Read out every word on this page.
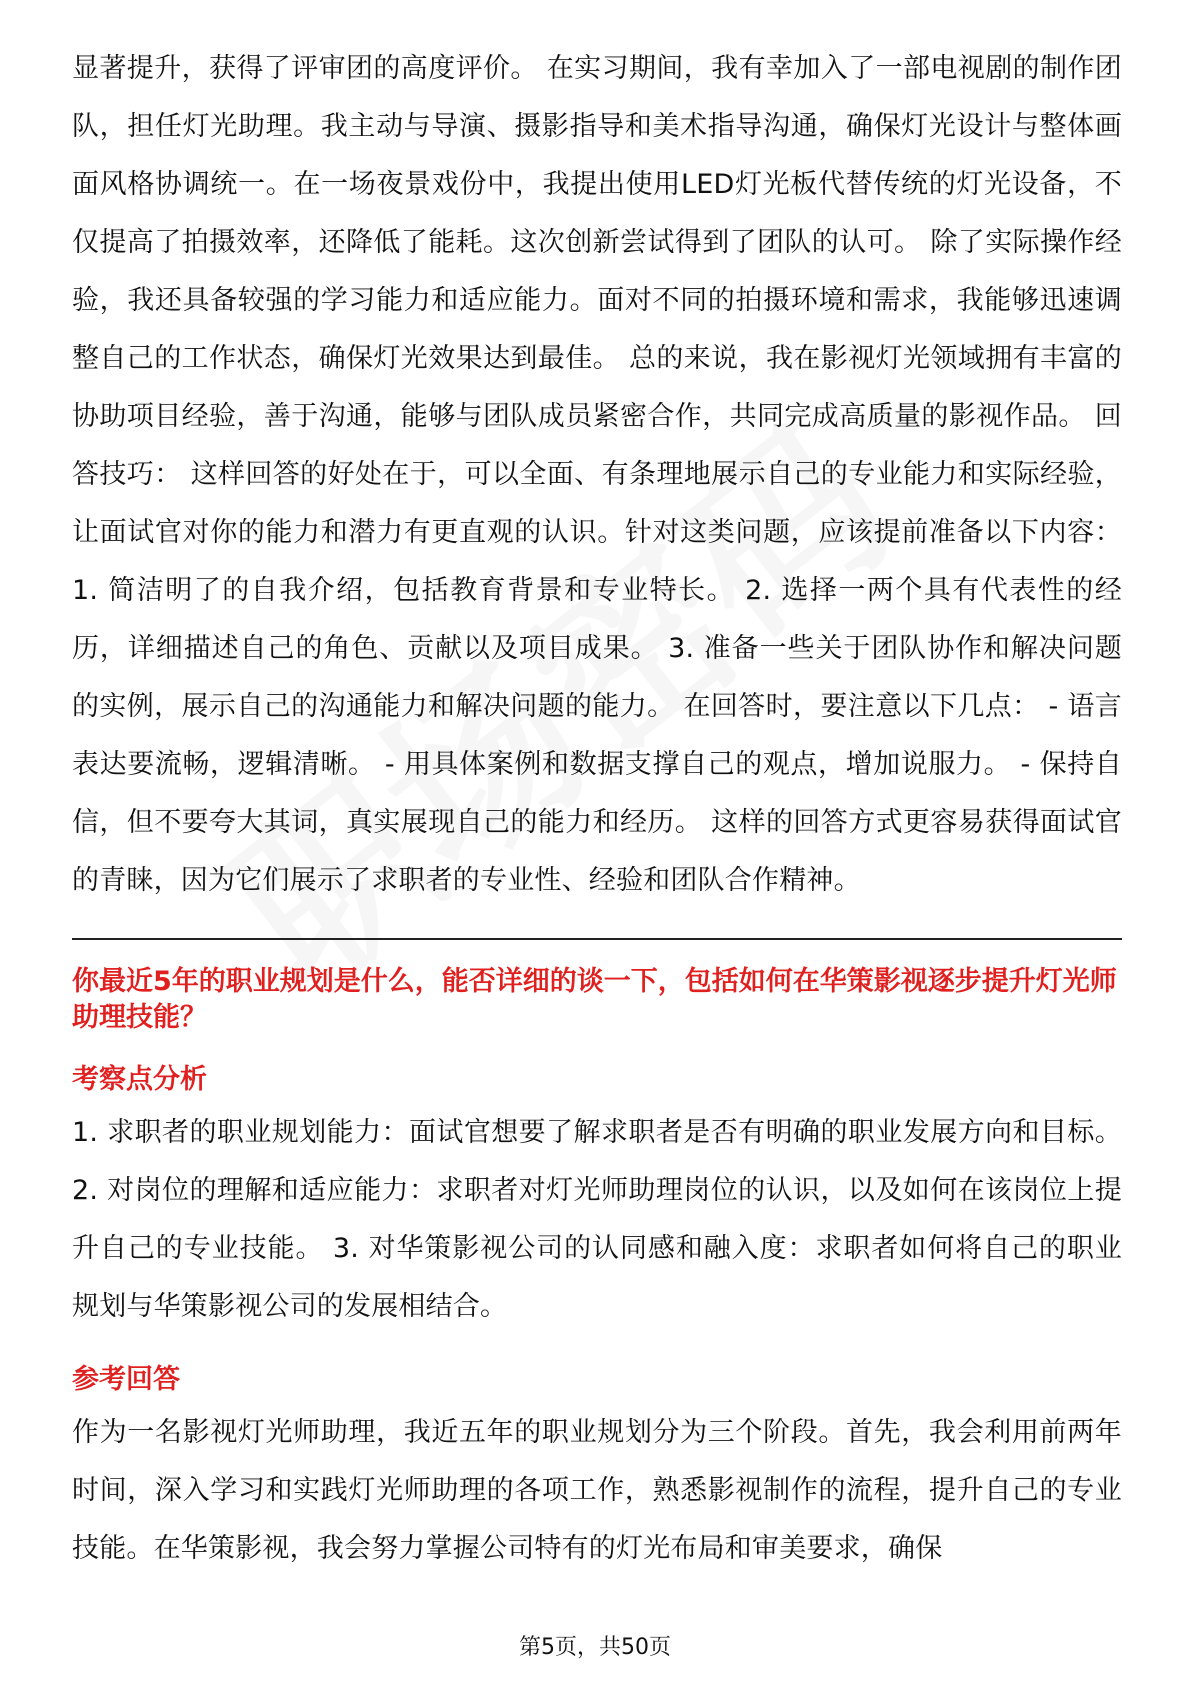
显著提升，获得了评审团的高度评价。 在实习期间，我有幸加入了一部电视剧的制作团队，担任灯光助理。我主动与导演、摄影指导和美术指导沟通，确保灯光设计与整体画面风格协调统一。在一场夜景戏份中，我提出使用LED灯光板代替传统的灯光设备，不仅提高了拍摄效率，还降低了能耗。这次创新尝试得到了团队的认可。 除了实际操作经验，我还具备较强的学习能力和适应能力。面对不同的拍摄环境和需求，我能够迅速调整自己的工作状态，确保灯光效果达到最佳。 总的来说，我在影视灯光领域拥有丰富的协助项目经验，善于沟通，能够与团队成员紧密合作，共同完成高质量的影视作品。 回答技巧： 这样回答的好处在于，可以全面、有条理地展示自己的专业能力和实际经验，让面试官对你的能力和潜力有更直观的认识。针对这类问题，应该提前准备以下内容： 1. 简洁明了的自我介绍，包括教育背景和专业特长。 2. 选择一两个具有代表性的经历，详细描述自己的角色、贡献以及项目成果。 3. 准备一些关于团队协作和解决问题的实例，展示自己的沟通能力和解决问题的能力。 在回答时，要注意以下几点： - 语言表达要流畅，逻辑清晰。 - 用具体案例和数据支撑自己的观点，增加说服力。 - 保持自信，但不要夸大其词，真实展现自己的能力和经历。 这样的回答方式更容易获得面试官的青睐，因为它们展示了求职者的专业性、经验和团队合作精神。

你最近5年的职业规划是什么，能否详细的谈一下，包括如何在华策影视逐步提升灯光师助理技能？
考察点分析

1. 求职者的职业规划能力：面试官想要了解求职者是否有明确的职业发展方向和目标。 2. 对岗位的理解和适应能力：求职者对灯光师助理岗位的认识，以及如何在该岗位上提升自己的专业技能。 3. 对华策影视公司的认同感和融入度：求职者如何将自己的职业规划与华策影视公司的发展相结合。

参考回答

作为一名影视灯光师助理，我近五年的职业规划分为三个阶段。首先，我会利用前两年时间，深入学习和实践灯光师助理的各项工作，熟悉影视制作的流程，提升自己的专业技能。在华策影视，我会努力掌握公司特有的灯光布局和审美要求，确保

第5页，共50页
